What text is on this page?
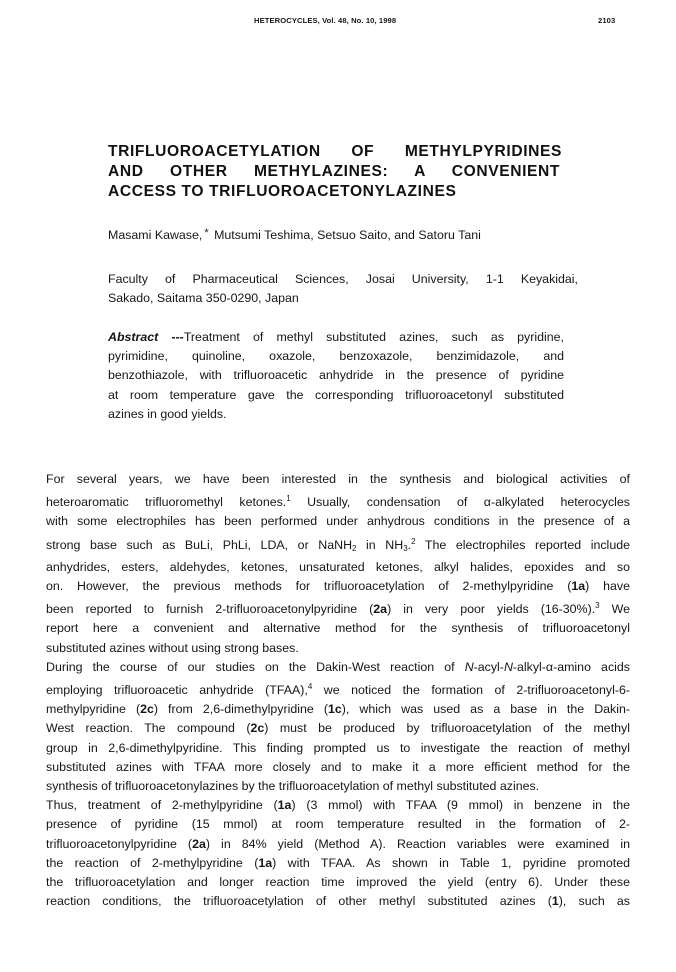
HETEROCYCLES, Vol. 48, No. 10, 1998	2103
TRIFLUOROACETYLATION OF METHYLPYRIDINES
AND OTHER METHYLAZINES: A CONVENIENT
ACCESS TO TRIFLUOROACETONYLAZINES
Masami Kawase, * Mutsumi Teshima, Setsuo Saito, and Satoru Tani
Faculty of Pharmaceutical Sciences, Josai University, 1-1 Keyakidai,
Sakado, Saitama 350-0290, Japan
Abstract ---Treatment of methyl substituted azines, such as pyridine,
pyrimidine, quinoline, oxazole, benzoxazole, benzimidazole, and
benzothiazole, with trifluoroacetic anhydride in the presence of pyridine
at room temperature gave the corresponding trifluoroacetonyl substituted
azines in good yields.
For several years, we have been interested in the synthesis and biological activities of
heteroaromatic trifluoromethyl ketones.$^1$ Usually, condensation of α-alkylated heterocycles
with some electrophiles has been performed under anhydrous conditions in the presence of a
strong base such as BuLi, PhLi, LDA, or NaNH$_2$ in $NH_3.^2$ The electrophiles reported include
anhydrides, esters, aldehydes, ketones, unsaturated ketones, alkyl halides, epoxides and so
on. However, the previous methods for trifluoroacetylation of 2-methylpyridine (1a) have
been reported to furnish 2-trifluoroacetonylpyridine (2a) in very poor yields (16-30%).$^3$ We
report here a convenient and alternative method for the synthesis of trifluoroacetonyl
substituted azines without using strong bases.
During the course of our studies on the Dakin-West reaction of N-acyl-N-alkyl-α-amino acids
employing trifluoroacetic anhydride (TFAA),$^4$ we noticed the formation of 2-trifluoroacetonyl-6-
methylpyridine (2c) from 2,6-dimethylpyridine (1c), which was used as a base in the Dakin-
West reaction. The compound (2c) must be produced by trifluoroacetylation of the methyl
group in 2,6-dimethylpyridine. This finding prompted us to investigate the reaction of methyl
substituted azines with TFAA more closely and to make it a more efficient method for the
synthesis of trifluoroacetonylazines by the trifluoroacetylation of methyl substituted azines.
Thus, treatment of 2-methylpyridine (1a) (3 mmol) with TFAA (9 mmol) in benzene in the
presence of pyridine (15 mmol) at room temperature resulted in the formation of 2-
trifluoroacetonylpyridine (2a) in 84% yield (Method A). Reaction variables were examined in
the reaction of 2-methylpyridine (1a) with TFAA. As shown in Table 1, pyridine promoted
the trifluoroacetylation and longer reaction time improved the yield (entry 6). Under these
reaction conditions, the trifluoroacetylation of other methyl substituted azines (1), such as
